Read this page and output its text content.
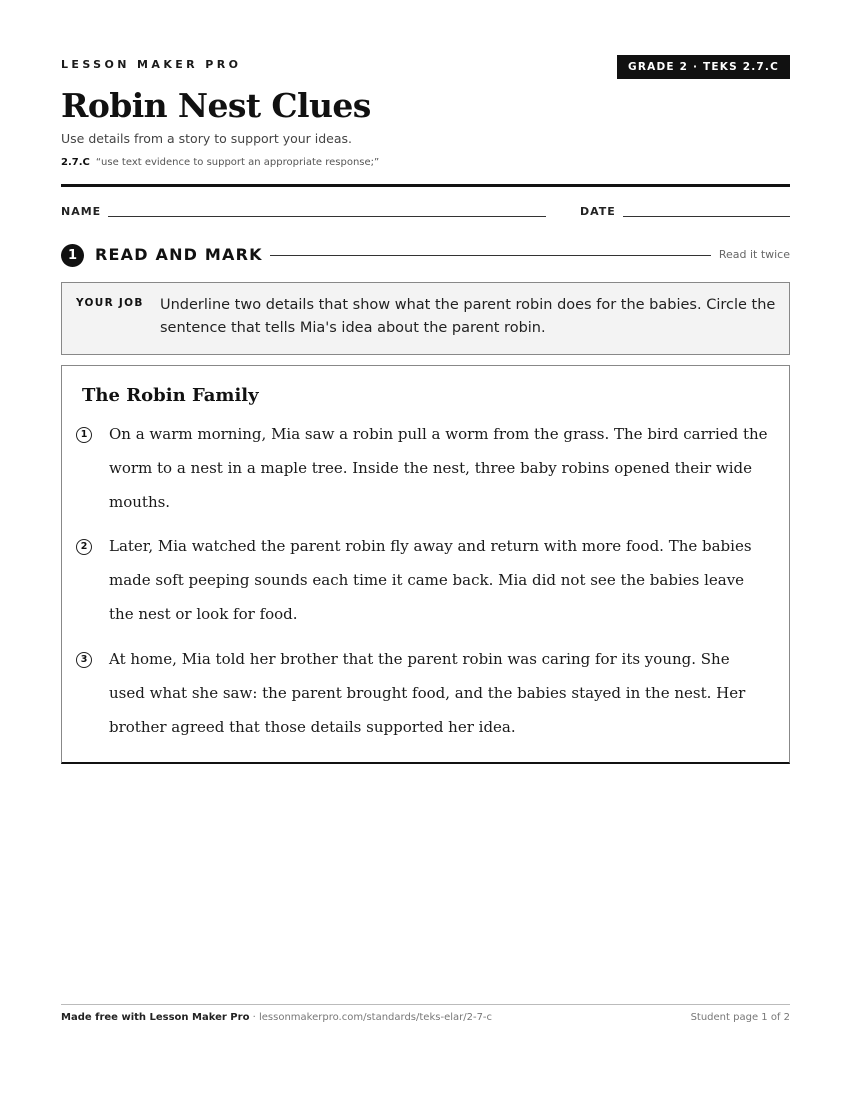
LESSON MAKER PRO	GRADE 2 · TEKS 2.7.C
Robin Nest Clues
Use details from a story to support your ideas.
2.7.C “use text evidence to support an appropriate response;”
NAME	DATE
1	READ AND MARK	Read it twice
YOUR JOB Underline two details that show what the parent robin does for the babies. Circle the sentence that tells Mia's idea about the parent robin.
The Robin Family
1	On a warm morning, Mia saw a robin pull a worm from the grass. The bird carried the worm to a nest in a maple tree. Inside the nest, three baby robins opened their wide mouths.
2	Later, Mia watched the parent robin fly away and return with more food. The babies made soft peeping sounds each time it came back. Mia did not see the babies leave the nest or look for food.
3	At home, Mia told her brother that the parent robin was caring for its young. She used what she saw: the parent brought food, and the babies stayed in the nest. Her brother agreed that those details supported her idea.
Made free with Lesson Maker Pro · lessonmakerpro.com/standards/teks-elar/2-7-c	Student page 1 of 2
